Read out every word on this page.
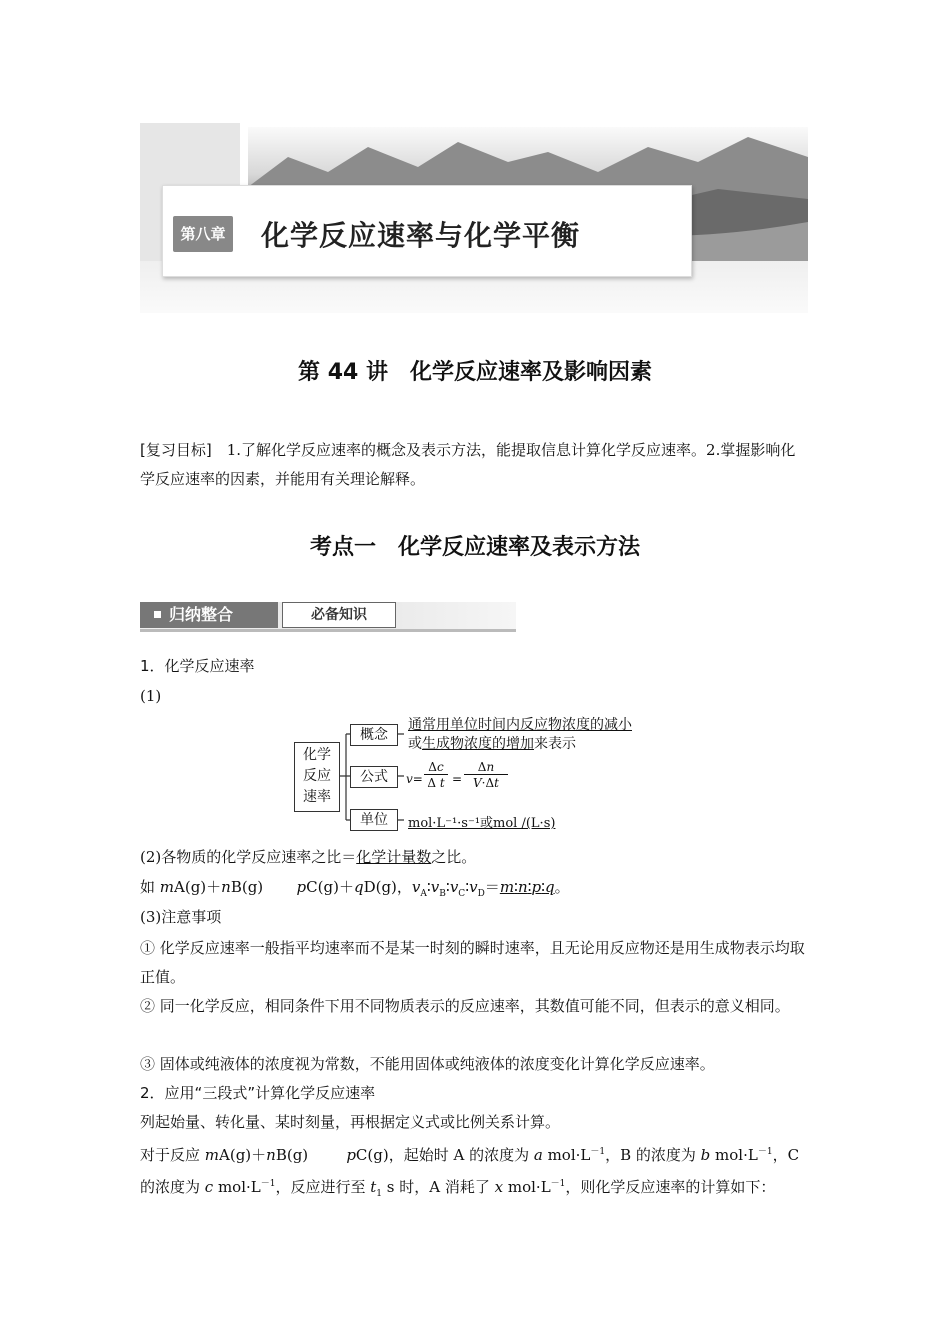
第八章 化学反应速率与化学平衡
第 44 讲　化学反应速率及影响因素
[复习目标]　1.了解化学反应速率的概念及表示方法，能提取信息计算化学反应速率。2.掌握影响化学反应速率的因素，并能用有关理论解释。
考点一　化学反应速率及表示方法
归纳整合	必备知识
1．化学反应速率
(1)
化学
反应
速率
概念
公式
单位
通常用单位时间内反应物浓度的减小
或生成物浓度的增加来表示
v=
Δc
Δ t =
Δn
V·Δt
mol·L⁻¹·s⁻¹或mol /(L·s)
(2)各物质的化学反应速率之比＝化学计量数之比。
如 mA(g)＋nB(g)       pC(g)＋qD(g)，$v_A∶v_B∶v_C∶v_D=m∶n∶p∶q$。
(3)注意事项
① 化学反应速率一般指平均速率而不是某一时刻的瞬时速率，且无论用反应物还是用生成物表示均取正值。
② 同一化学反应，相同条件下用不同物质表示的反应速率，其数值可能不同，但表示的意义相同。
③ 固体或纯液体的浓度视为常数，不能用固体或纯液体的浓度变化计算化学反应速率。
2．应用“三段式”计算化学反应速率
列起始量、转化量、某时刻量，再根据定义式或比例关系计算。
对于反应 mA(g)＋nB(g)        pC(g)，起始时 A 的浓度为 a $mol\cdot L^{-1}$，B 的浓度为 b $mol\cdot L^{-1}$，C 的浓度为 c $mol\cdot L^{-1}$，反应进行至 $t_1$ s 时，A 消耗了 x $mol\cdot L^{-1}$，则化学反应速率的计算如下：
